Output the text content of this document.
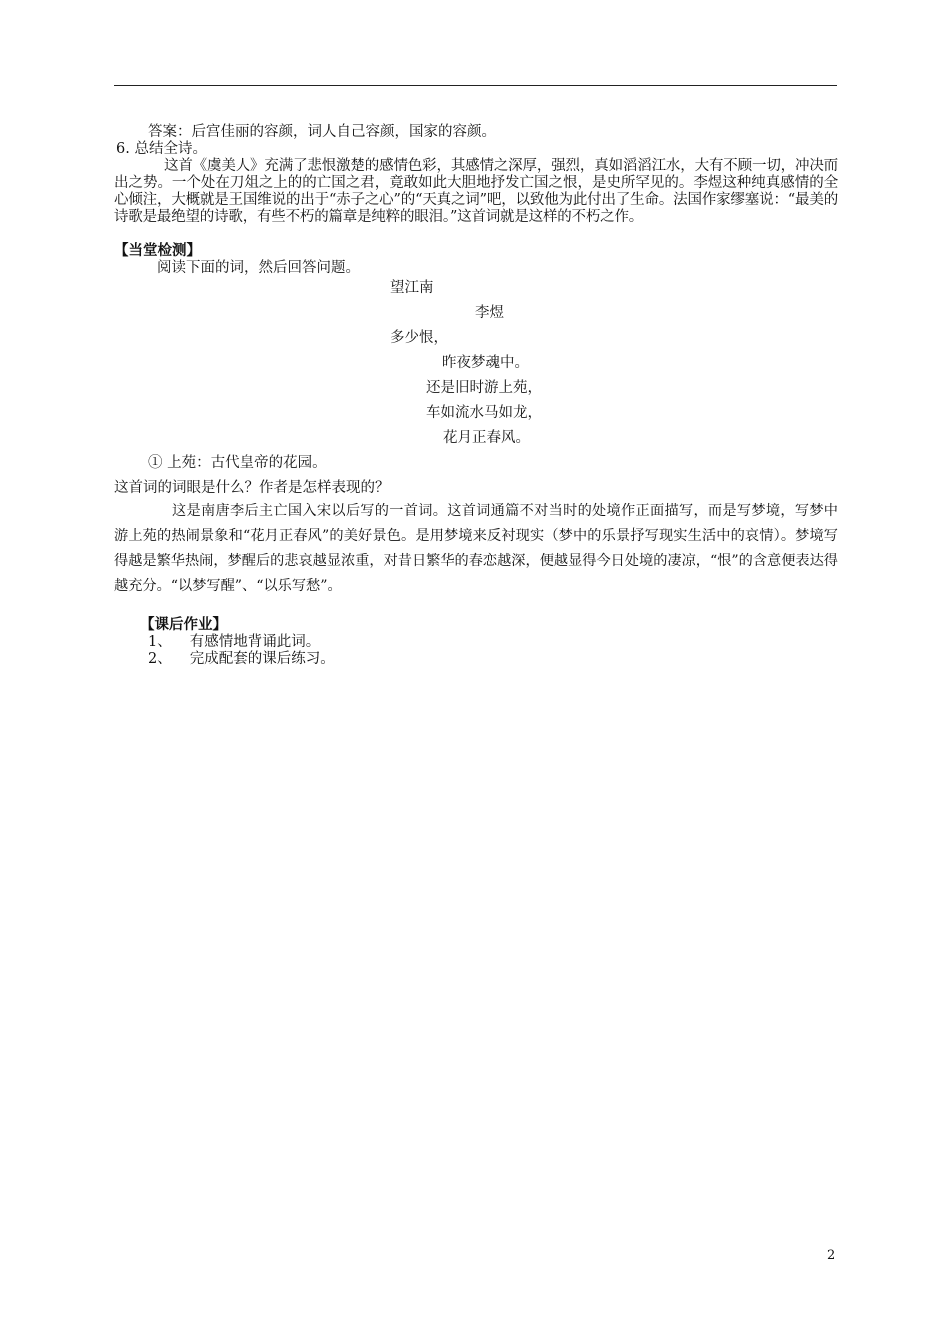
答案：后宫佳丽的容颜，词人自己容颜，国家的容颜。
6. 总结全诗。
这首《虞美人》充满了悲恨激楚的感情色彩，其感情之深厚，强烈，真如滔滔江水，大有不顾一切，冲决而出之势。一个处在刀俎之上的的亡国之君，竟敢如此大胆地抒发亡国之恨，是史所罕见的。李煜这种纯真感情的全心倾注，大概就是王国维说的出于“赤子之心”的“天真之词”吧，以致他为此付出了生命。法国作家缪塞说：“最美的诗歌是最绝望的诗歌，有些不朽的篇章是纯粹的眼泪。”这首词就是这样的不朽之作。
【当堂检测】
阅读下面的词，然后回答问题。
望江南
李煜
多少恨，
昨夜梦魂中。
还是旧时游上苑，
车如流水马如龙，
花月正春风。
① 上苑：古代皇帝的花园。
这首词的词眼是什么？作者是怎样表现的？
这是南唐李后主亡国入宋以后写的一首词。这首词通篇不对当时的处境作正面描写，而是写梦境，写梦中游上苑的热闹景象和“花月正春风”的美好景色。是用梦境来反衬现实（梦中的乐景抒写现实生活中的哀情）。梦境写得越是繁华热闹，梦醒后的悲哀越显浓重，对昔日繁华的春恋越深，便越显得今日处境的凄凉，“恨”的含意便表达得越充分。“以梦写醒”、“以乐写愁”。
【课后作业】
1、 有感情地背诵此词。
2、 完成配套的课后练习。
2
